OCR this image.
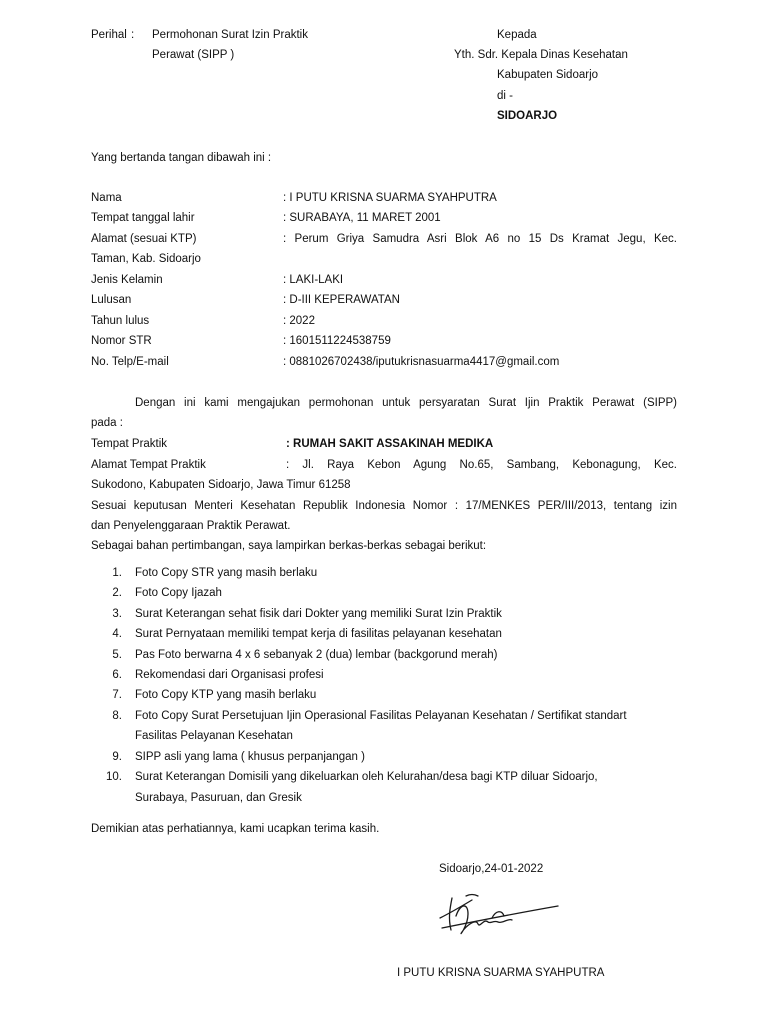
Perihal : Permohonan Surat Izin Praktik
Perawat (SIPP )
Kepada
Yth. Sdr. Kepala Dinas Kesehatan
Kabupaten Sidoarjo
di -
SIDOARJO
Yang bertanda tangan dibawah ini :
Nama	: I PUTU KRISNA SUARMA SYAHPUTRA
Tempat tanggal lahir	: SURABAYA, 11 MARET 2001
Alamat (sesuai KTP)	: Perum Griya Samudra Asri Blok A6 no 15 Ds Kramat Jegu, Kec.
Taman, Kab. Sidoarjo
Jenis Kelamin	: LAKI-LAKI
Lulusan	: D-III KEPERAWATAN
Tahun lulus	: 2022
Nomor STR	: 1601511224538759
No. Telp/E-mail	: 0881026702438/iputukrisnasuarma4417@gmail.com
Dengan ini kami mengajukan permohonan untuk persyaratan Surat Ijin Praktik Perawat (SIPP)
pada :
Tempat Praktik	: RUMAH SAKIT ASSAKINAH MEDIKA
Alamat Tempat Praktik	: Jl. Raya Kebon Agung No.65, Sambang, Kebonagung, Kec.
Sukodono, Kabupaten Sidoarjo, Jawa Timur 61258
Sesuai keputusan Menteri Kesehatan Republik Indonesia Nomor : 17/MENKES PER/III/2013, tentang izin
dan Penyelenggaraan Praktik Perawat.
Sebagai bahan pertimbangan, saya lampirkan berkas-berkas sebagai berikut:
1. Foto Copy STR yang masih berlaku
2. Foto Copy Ijazah
3. Surat Keterangan sehat fisik dari Dokter yang memiliki Surat Izin Praktik
4. Surat Pernyataan memiliki tempat kerja di fasilitas pelayanan kesehatan
5. Pas Foto berwarna 4 x 6 sebanyak 2 (dua) lembar (backgorund merah)
6. Rekomendasi dari Organisasi profesi
7. Foto Copy KTP yang masih berlaku
8. Foto Copy Surat Persetujuan Ijin Operasional Fasilitas Pelayanan Kesehatan / Sertifikat standart
Fasilitas Pelayanan Kesehatan
9. SIPP asli yang lama ( khusus perpanjangan )
10. Surat Keterangan Domisili yang dikeluarkan oleh Kelurahan/desa bagi KTP diluar Sidoarjo,
Surabaya, Pasuruan, dan Gresik
Demikian atas perhatiannya, kami ucapkan terima kasih.
Sidoarjo,24-01-2022
I PUTU KRISNA SUARMA SYAHPUTRA
